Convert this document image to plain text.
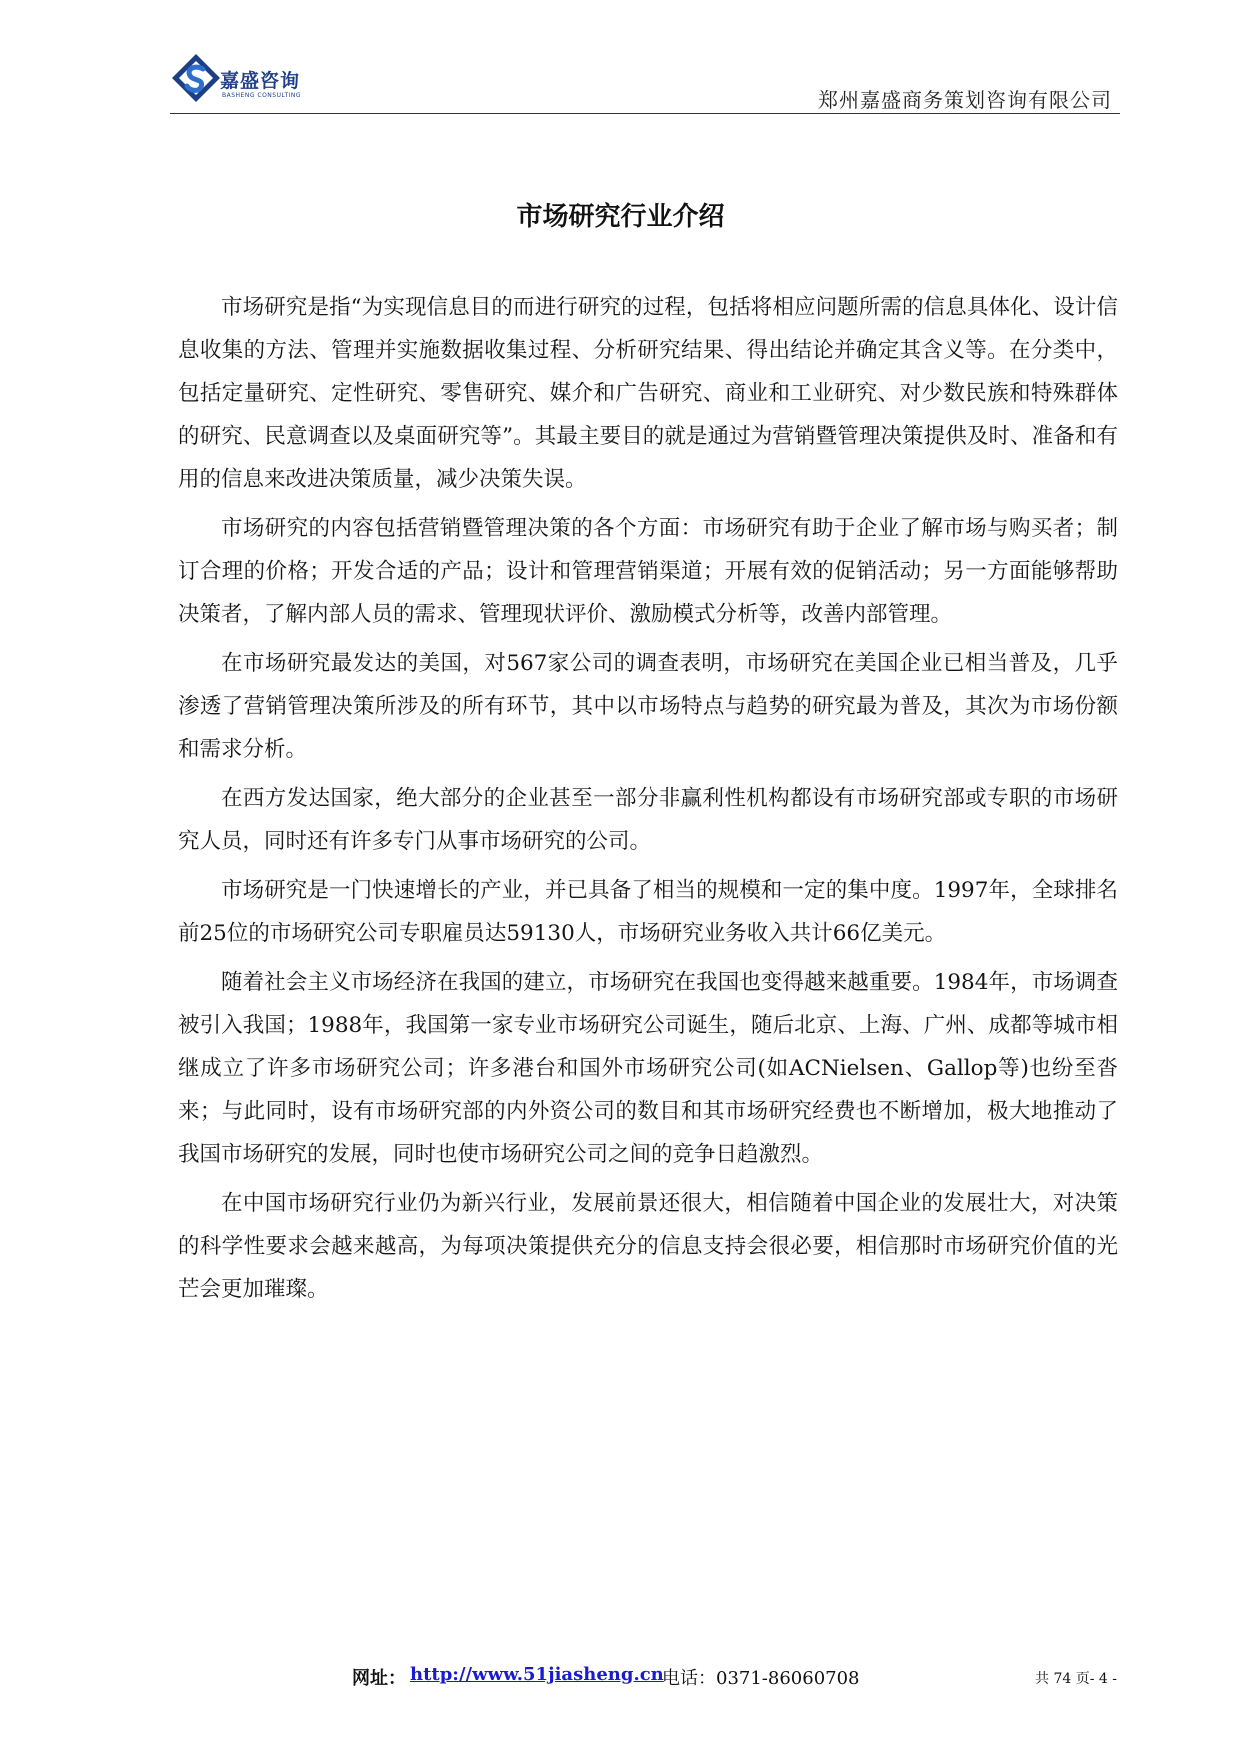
嘉盛咨询
BASHENG CONSULTING	郑州嘉盛商务策划咨询有限公司
市场研究行业介绍

市场研究是指“为实现信息目的而进行研究的过程，包括将相应问题所需的信息具体化、设计信息收集的方法、管理并实施数据收集过程、分析研究结果、得出结论并确定其含义等。在分类中，包括定量研究、定性研究、零售研究、媒介和广告研究、商业和工业研究、对少数民族和特殊群体的研究、民意调查以及桌面研究等”。其最主要目的就是通过为营销暨管理决策提供及时、准备和有用的信息来改进决策质量，减少决策失误。

市场研究的内容包括营销暨管理决策的各个方面：市场研究有助于企业了解市场与购买者；制订合理的价格；开发合适的产品；设计和管理营销渠道；开展有效的促销活动；另一方面能够帮助决策者，了解内部人员的需求、管理现状评价、激励模式分析等，改善内部管理。

在市场研究最发达的美国，对567家公司的调查表明，市场研究在美国企业已相当普及，几乎渗透了营销管理决策所涉及的所有环节，其中以市场特点与趋势的研究最为普及，其次为市场份额和需求分析。

在西方发达国家，绝大部分的企业甚至一部分非赢利性机构都设有市场研究部或专职的市场研究人员，同时还有许多专门从事市场研究的公司。

市场研究是一门快速增长的产业，并已具备了相当的规模和一定的集中度。1997年，全球排名前25位的市场研究公司专职雇员达59130人，市场研究业务收入共计66亿美元。

随着社会主义市场经济在我国的建立，市场研究在我国也变得越来越重要。1984年，市场调查被引入我国；1988年，我国第一家专业市场研究公司诞生，随后北京、上海、广州、成都等城市相继成立了许多市场研究公司；许多港台和国外市场研究公司(如ACNielsen、Gallop等)也纷至沓来；与此同时，设有市场研究部的内外资公司的数目和其市场研究经费也不断增加，极大地推动了我国市场研究的发展，同时也使市场研究公司之间的竞争日趋激烈。

在中国市场研究行业仍为新兴行业，发展前景还很大，相信随着中国企业的发展壮大，对决策的科学性要求会越来越高，为每项决策提供充分的信息支持会很必要，相信那时市场研究价值的光芒会更加璀璨。

网址： http://www.51jiasheng.cn
电话：0371-86060708	共 74 页- 4 -
